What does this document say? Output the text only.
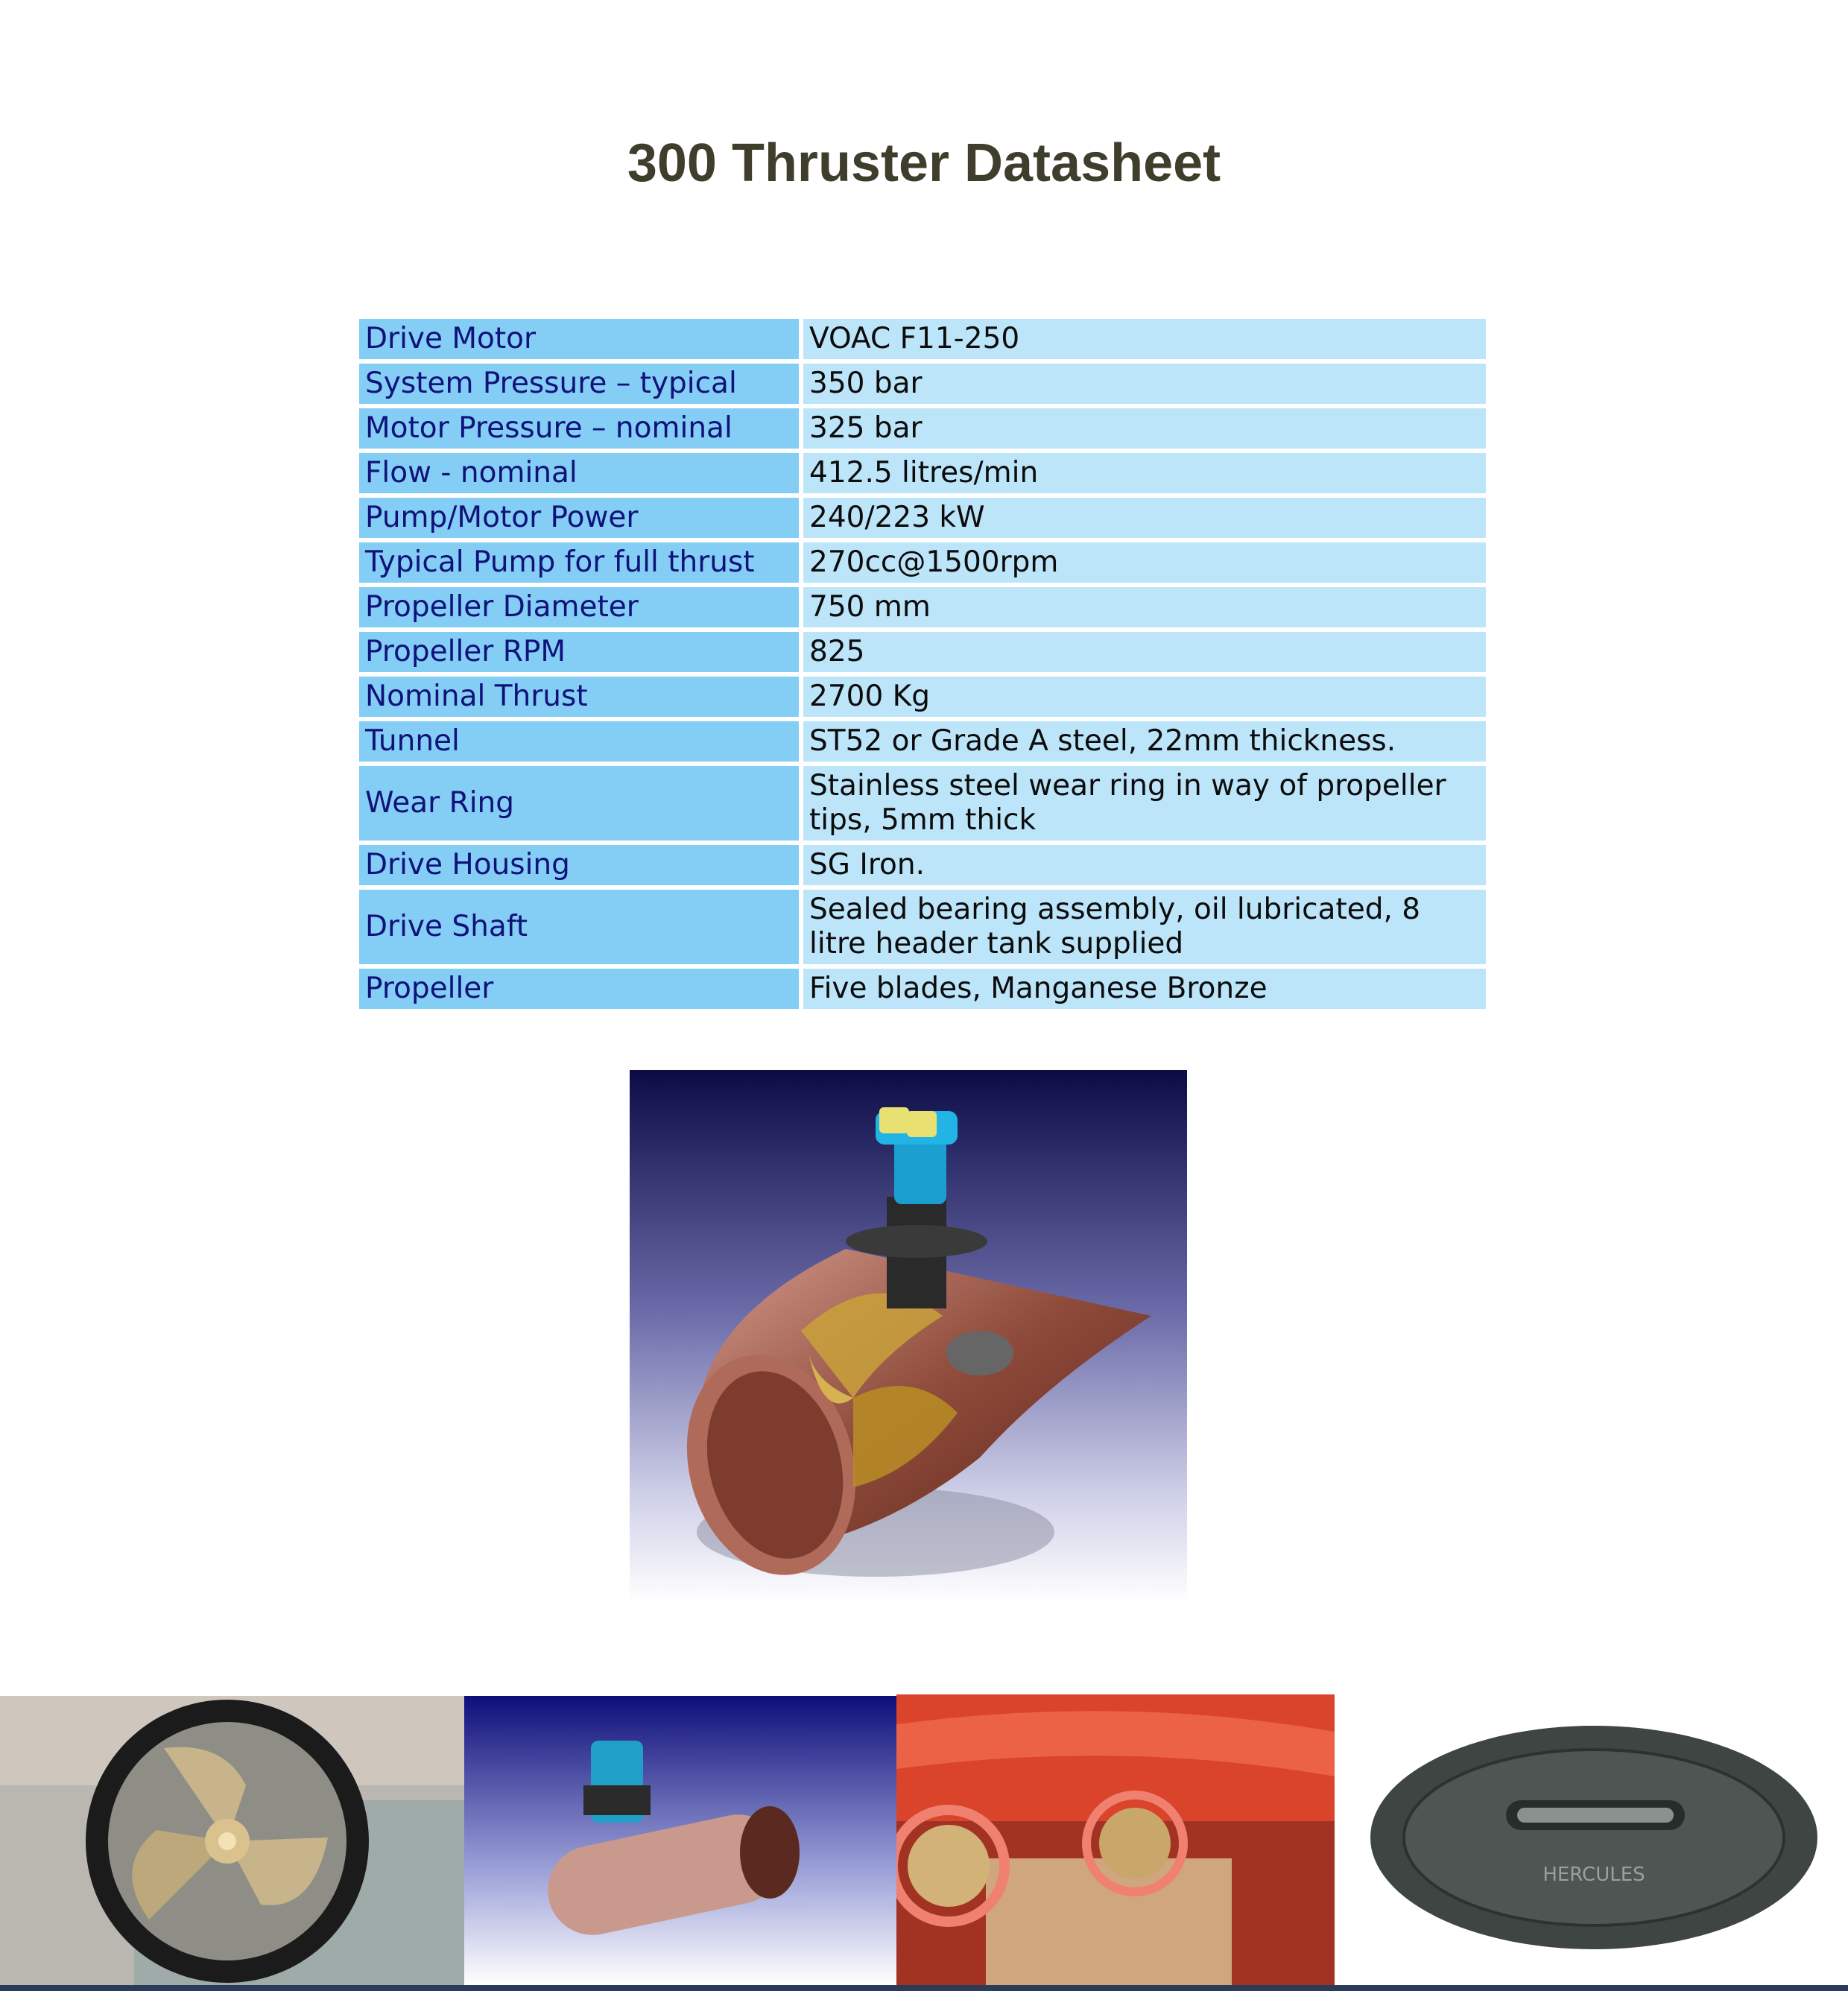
300 Thruster Datasheet
Drive Motor	VOAC F11-250
System Pressure – typical	350 bar
Motor Pressure – nominal	325 bar
Flow - nominal	412.5 litres/min
Pump/Motor Power	240/223 kW
Typical Pump for full thrust	270cc@1500rpm
Propeller Diameter	750 mm
Propeller RPM	825
Nominal Thrust	2700 Kg
Tunnel	ST52 or Grade A steel, 22mm thickness.
Wear Ring	Stainless steel wear ring in way of propeller tips, 5mm thick
Drive Housing	SG Iron.
Drive Shaft	Sealed bearing assembly, oil lubricated, 8 litre header tank supplied
Propeller	Five blades, Manganese Bronze
HERCULES
